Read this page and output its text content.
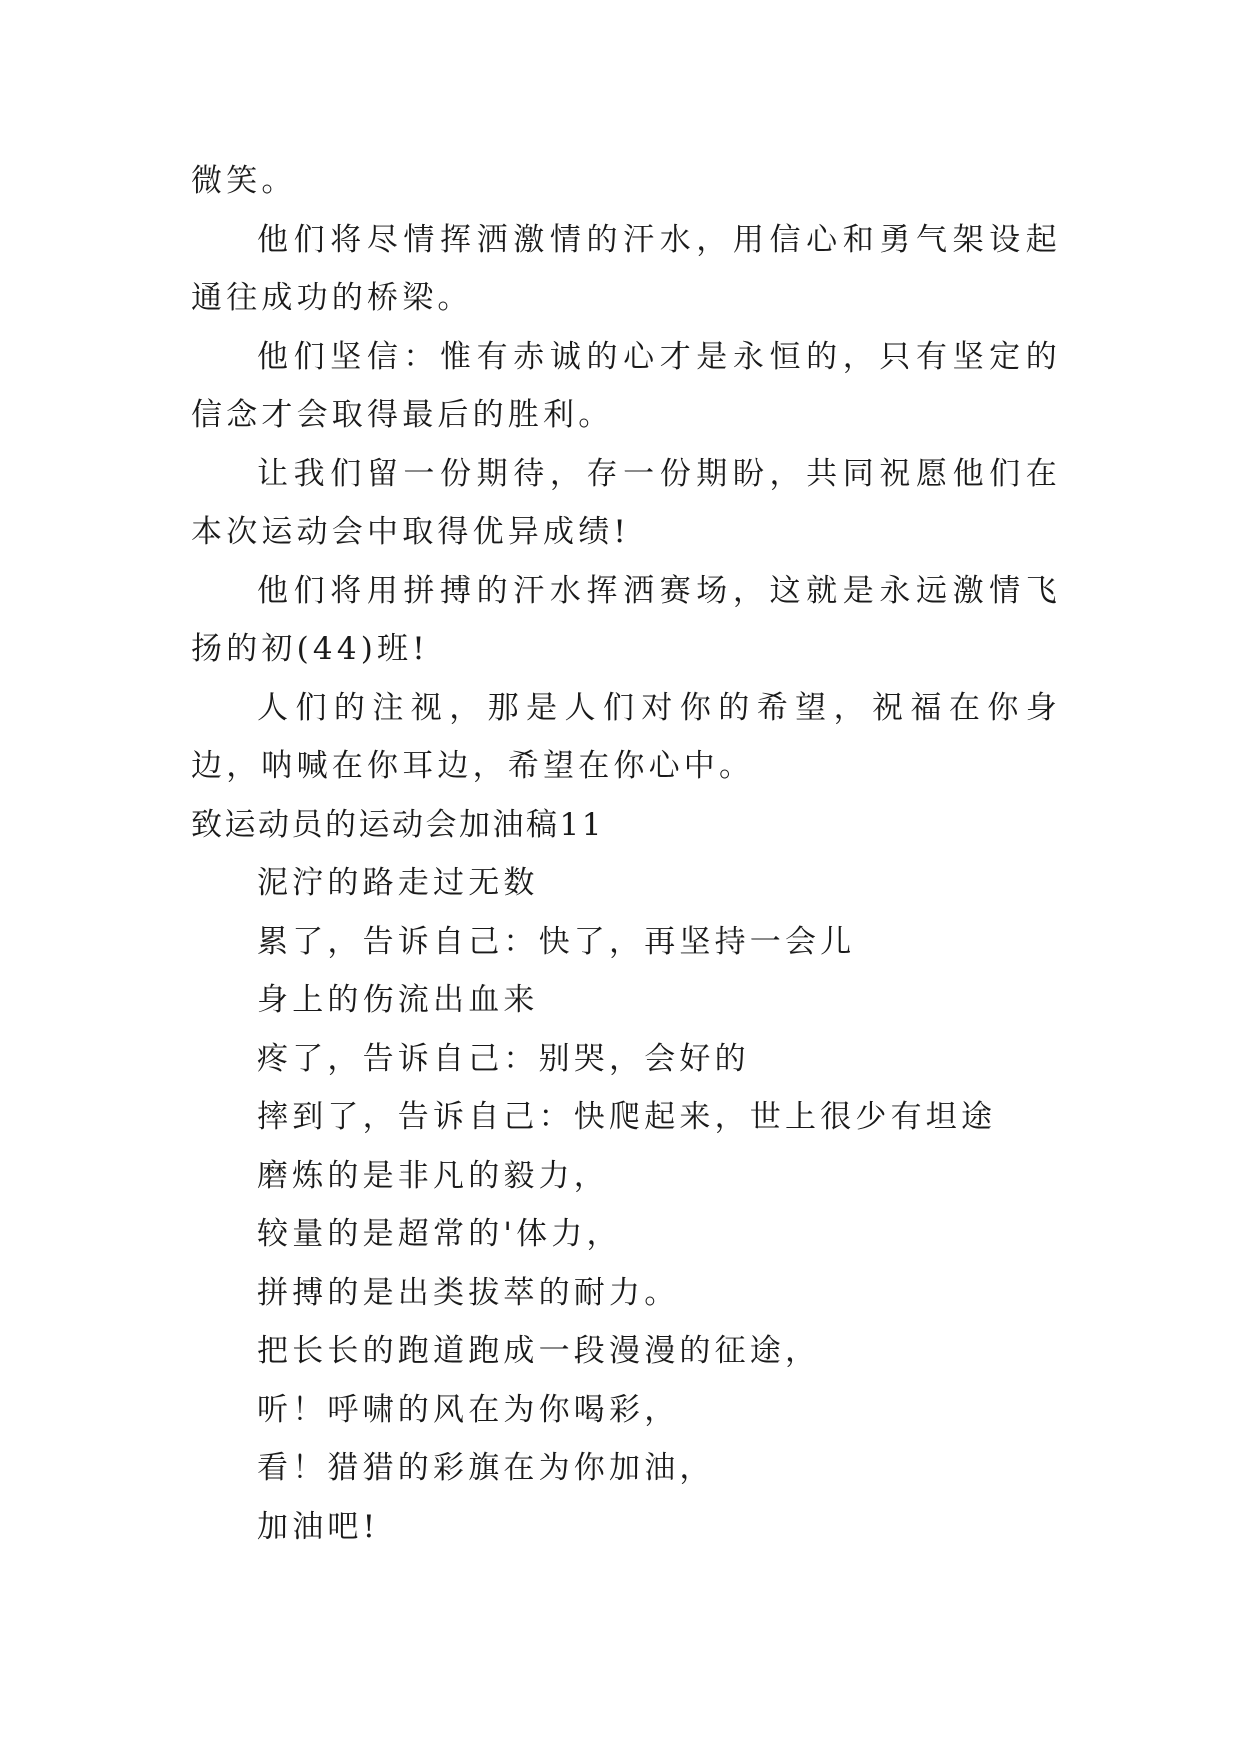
微笑。

他们将尽情挥洒激情的汗水，用信心和勇气架设起通往成功的桥梁。

他们坚信：惟有赤诚的心才是永恒的，只有坚定的信念才会取得最后的胜利。

让我们留一份期待，存一份期盼，共同祝愿他们在本次运动会中取得优异成绩!

他们将用拼搏的汗水挥洒赛场，这就是永远激情飞扬的初(44)班!

人们的注视，那是人们对你的希望，祝福在你身边，呐喊在你耳边，希望在你心中。

致运动员的运动会加油稿11

泥泞的路走过无数

累了，告诉自己：快了，再坚持一会儿

身上的伤流出血来

疼了，告诉自己：别哭，会好的

摔到了，告诉自己：快爬起来，世上很少有坦途

磨炼的是非凡的毅力，

较量的是超常的'体力，

拼搏的是出类拔萃的耐力。

把长长的跑道跑成一段漫漫的征途，

听！呼啸的风在为你喝彩，

看！猎猎的彩旗在为你加油，

加油吧!
